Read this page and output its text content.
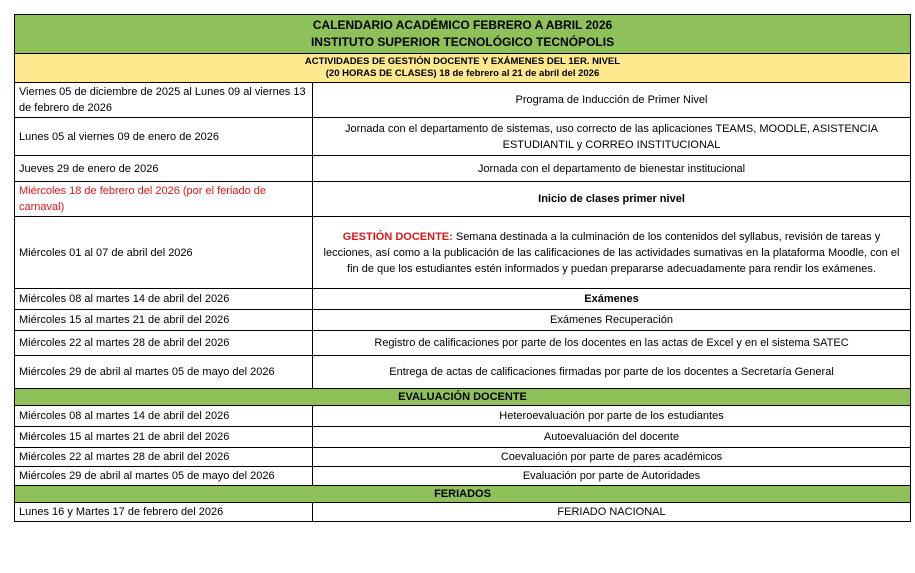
CALENDARIO ACADÉMICO FEBRERO A ABRIL 2026
INSTITUTO SUPERIOR TECNOLÓGICO TECNÓPOLIS	

ACTIVIDADES DE GESTIÓN DOCENTE Y EXÁMENES DEL 1ER. NIVEL
(20 HORAS DE CLASES) 18 de febrero al 21 de abril del 2026	

Viernes 05 de diciembre de 2025 al Lunes 09 al viernes 13 de febrero de 2026	Programa de Inducción de Primer Nivel
Lunes 05 al viernes 09 de enero de 2026	Jornada con el departamento de sistemas, uso correcto de las aplicaciones TEAMS, MOODLE, ASISTENCIA ESTUDIANTIL y CORREO INSTITUCIONAL
Jueves 29 de enero de 2026	Jornada con el departamento de bienestar institucional
Miércoles 18 de febrero del 2026 (por el feriado de carnaval)	Inicio de clases primer nivel
Miércoles 01 al 07 de abril del 2026	GESTIÓN DOCENTE: Semana destinada a la culminación de los contenidos del syllabus, revisión de tareas y lecciones, así como a la publicación de las calificaciones de las actividades sumativas en la plataforma Moodle, con el fin de que los estudiantes estén informados y puedan prepararse adecuadamente para rendir los exámenes.
Miércoles 08 al martes 14 de abril del 2026	Exámenes
Miércoles 15 al martes 21 de abril del 2026	Exámenes Recuperación
Miércoles 22 al martes 28 de abril del 2026	Registro de calificaciones por parte de los docentes en las actas de Excel y en el sistema SATEC
Miércoles 29 de abril al martes 05 de mayo del 2026	Entrega de actas de calificaciones firmadas por parte de los docentes a Secretaría General
EVALUACIÓN DOCENTE	
Miércoles 08 al martes 14 de abril del 2026	Heteroevaluación por parte de los estudiantes
Miércoles 15 al martes 21 de abril del 2026	Autoevaluación del docente
Miércoles 22 al martes 28 de abril del 2026	Coevaluación por parte de pares académicos
Miércoles 29 de abril al martes 05 de mayo del 2026	Evaluación por parte de Autoridades
FERIADOS	
Lunes 16 y Martes 17 de febrero del 2026	FERIADO NACIONAL
